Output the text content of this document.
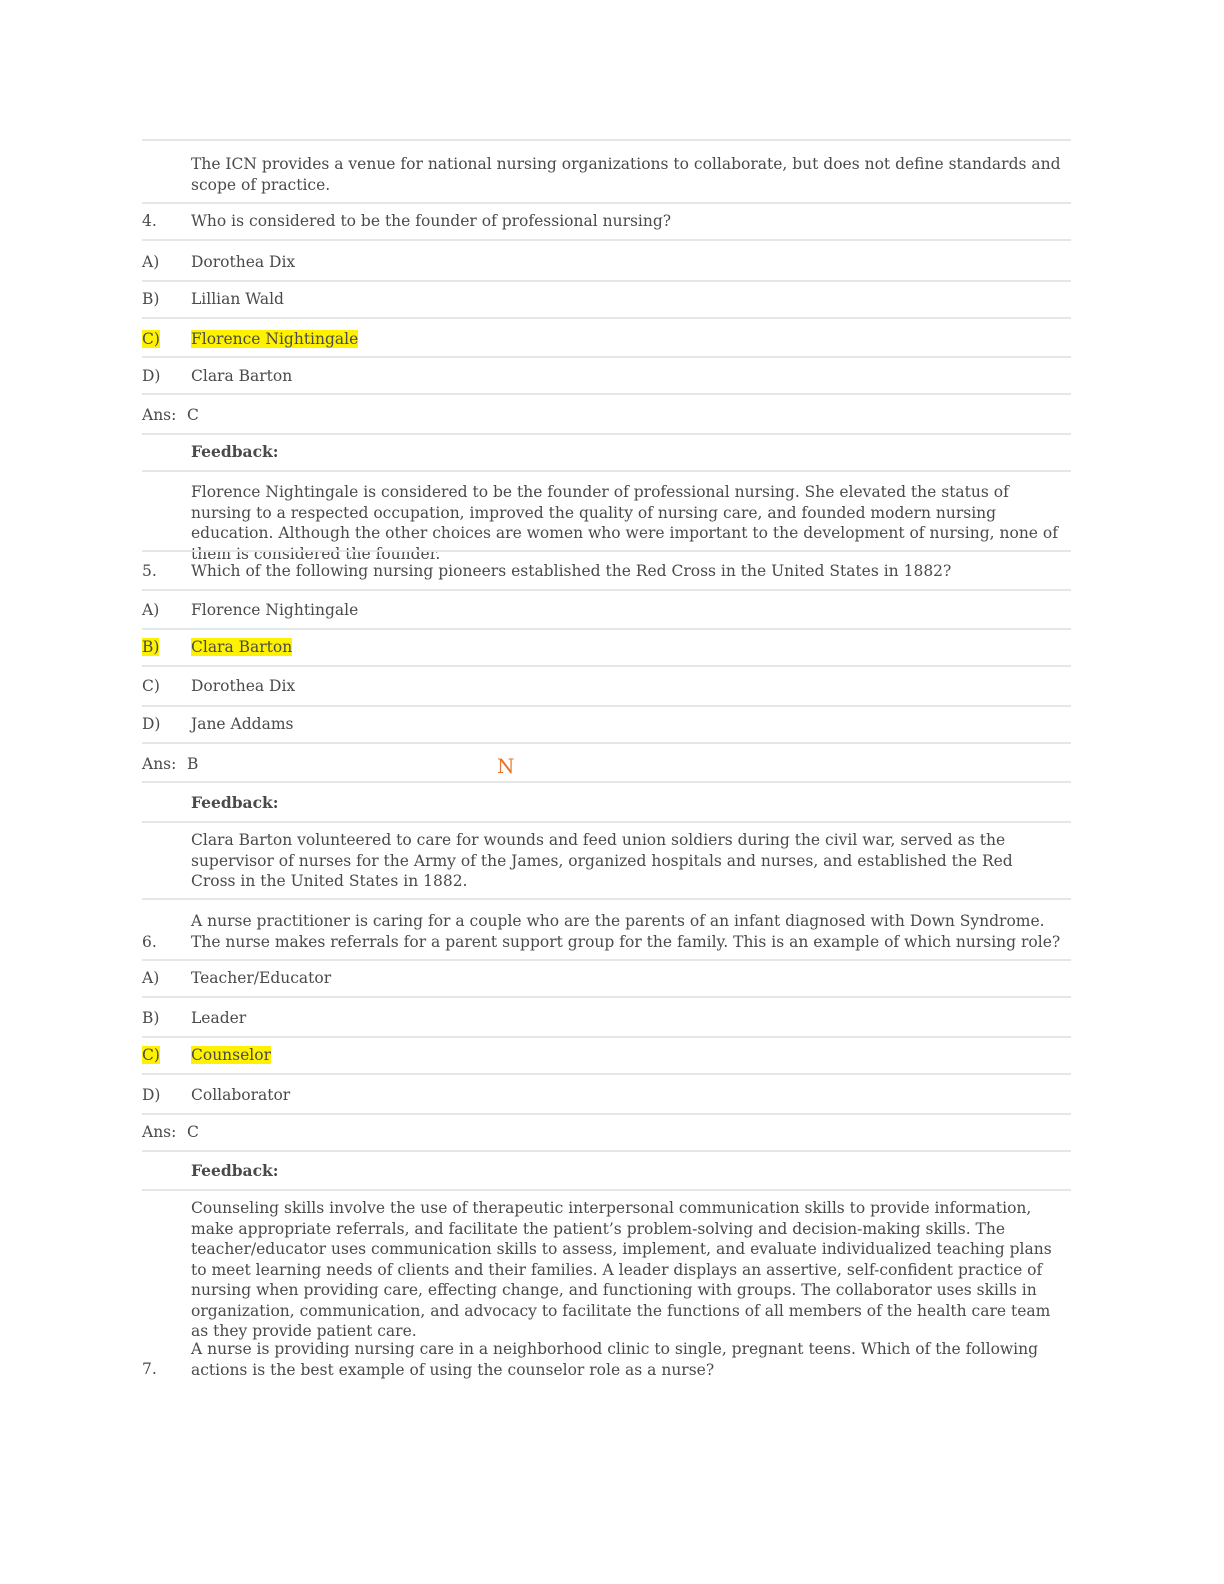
The ICN provides a venue for national nursing organizations to collaborate, but does not define standards and scope of practice.
4. Who is considered to be the founder of professional nursing?
A) Dorothea Dix
B) Lillian Wald
C) Florence Nightingale
D) Clara Barton
Ans: C
Feedback:
Florence Nightingale is considered to be the founder of professional nursing. She elevated the status of nursing to a respected occupation, improved the quality of nursing care, and founded modern nursing education. Although the other choices are women who were important to the development of nursing, none of them is considered the founder.
5. Which of the following nursing pioneers established the Red Cross in the United States in 1882?
A) Florence Nightingale
B) Clara Barton
C) Dorothea Dix
D) Jane Addams
Ans: B	N
Feedback:
Clara Barton volunteered to care for wounds and feed union soldiers during the civil war, served as the supervisor of nurses for the Army of the James, organized hospitals and nurses, and established the Red Cross in the United States in 1882.
6.
A nurse practitioner is caring for a couple who are the parents of an infant diagnosed with Down Syndrome. The nurse makes referrals for a parent support group for the family. This is an example of which nursing role?
A) Teacher/Educator
B) Leader
C) Counselor
D) Collaborator
Ans: C
Feedback:
Counseling skills involve the use of therapeutic interpersonal communication skills to provide information, make appropriate referrals, and facilitate the patient’s problem-solving and decision-making skills. The teacher/educator uses communication skills to assess, implement, and evaluate individualized teaching plans to meet learning needs of clients and their families. A leader displays an assertive, self-confident practice of nursing when providing care, effecting change, and functioning with groups. The collaborator uses skills in organization, communication, and advocacy to facilitate the functions of all members of the health care team as they provide patient care.
7.
A nurse is providing nursing care in a neighborhood clinic to single, pregnant teens. Which of the following actions is the best example of using the counselor role as a nurse?
